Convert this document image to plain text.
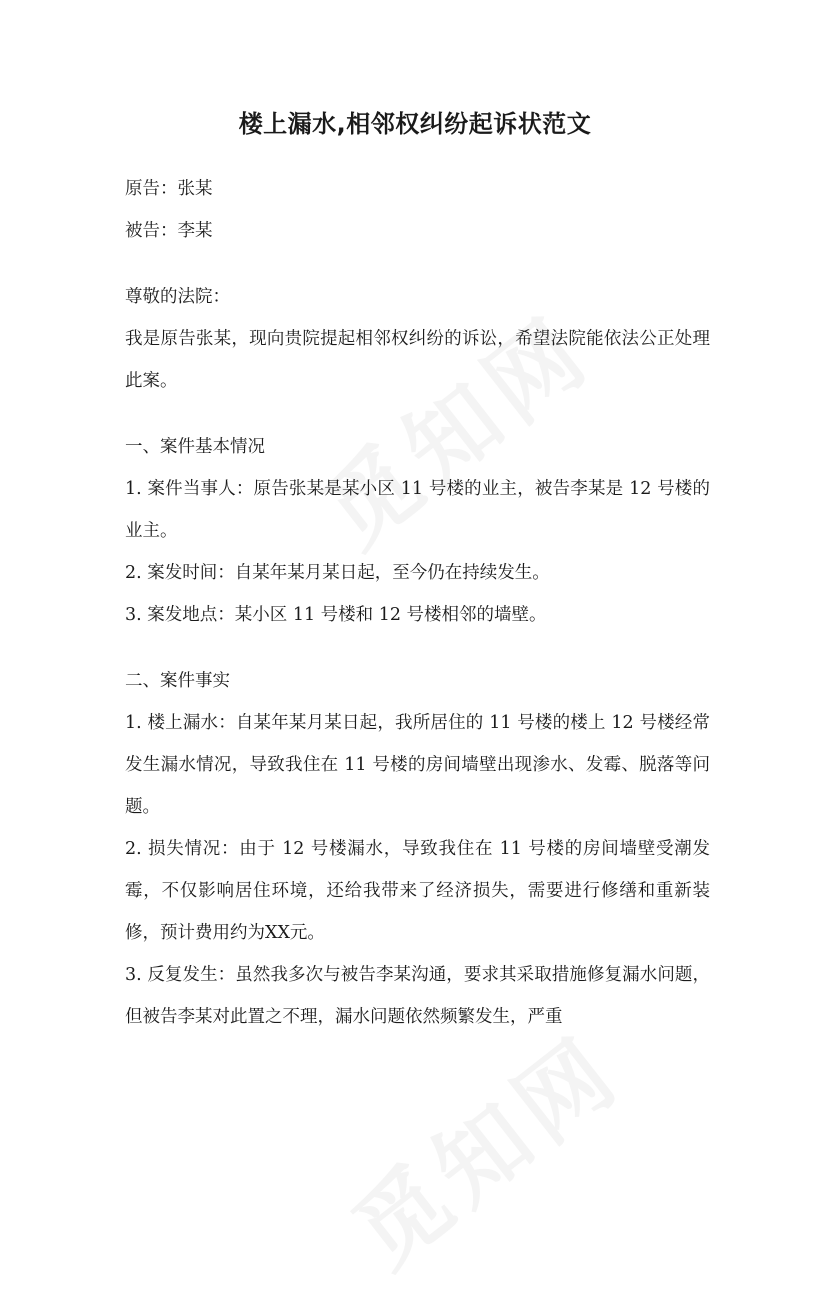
楼上漏水,相邻权纠纷起诉状范文

原告：张某

被告：李某

尊敬的法院：

我是原告张某，现向贵院提起相邻权纠纷的诉讼，希望法院能依法公正处理此案。

一、案件基本情况

1. 案件当事人：原告张某是某小区 11 号楼的业主，被告李某是 12 号楼的业主。

2. 案发时间：自某年某月某日起，至今仍在持续发生。

3. 案发地点：某小区 11 号楼和 12 号楼相邻的墙壁。

二、案件事实

1. 楼上漏水：自某年某月某日起，我所居住的 11 号楼的楼上 12 号楼经常发生漏水情况，导致我住在 11 号楼的房间墙壁出现渗水、发霉、脱落等问题。

2. 损失情况：由于 12 号楼漏水，导致我住在 11 号楼的房间墙壁受潮发霉，不仅影响居住环境，还给我带来了经济损失，需要进行修缮和重新装修，预计费用约为XX元。

3. 反复发生：虽然我多次与被告李某沟通，要求其采取措施修复漏水问题，但被告李某对此置之不理，漏水问题依然频繁发生，严重
